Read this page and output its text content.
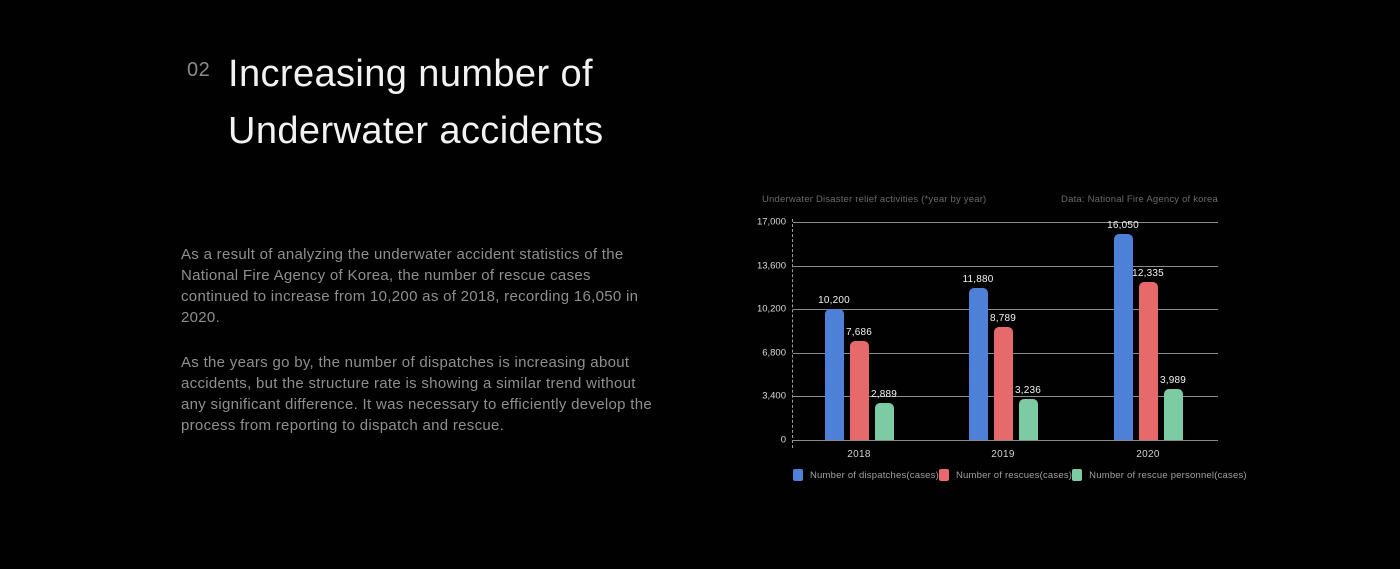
02 Increasing number of
Underwater accidents

As a result of analyzing the underwater accident statistics of the National Fire Agency of Korea, the number of rescue cases continued to increase from 10,200 as of 2018, recording 16,050 in 2020.

As the years go by, the number of dispatches is increasing about accidents, but the structure rate is showing a similar trend without any significant difference. It was necessary to efficiently develop the process from reporting to dispatch and rescue.

Underwater Disaster relief activities (*year by year)	Data: National Fire Agency of korea
0
3,400
6,800
10,200
13,600
17,000
10,200
7,686
2,889
2018
11,880
8,789
3,236
2019
16,050
12,335
3,989
2020
Number of dispatches(cases) Number of rescues(cases) Number of rescue personnel(cases)
